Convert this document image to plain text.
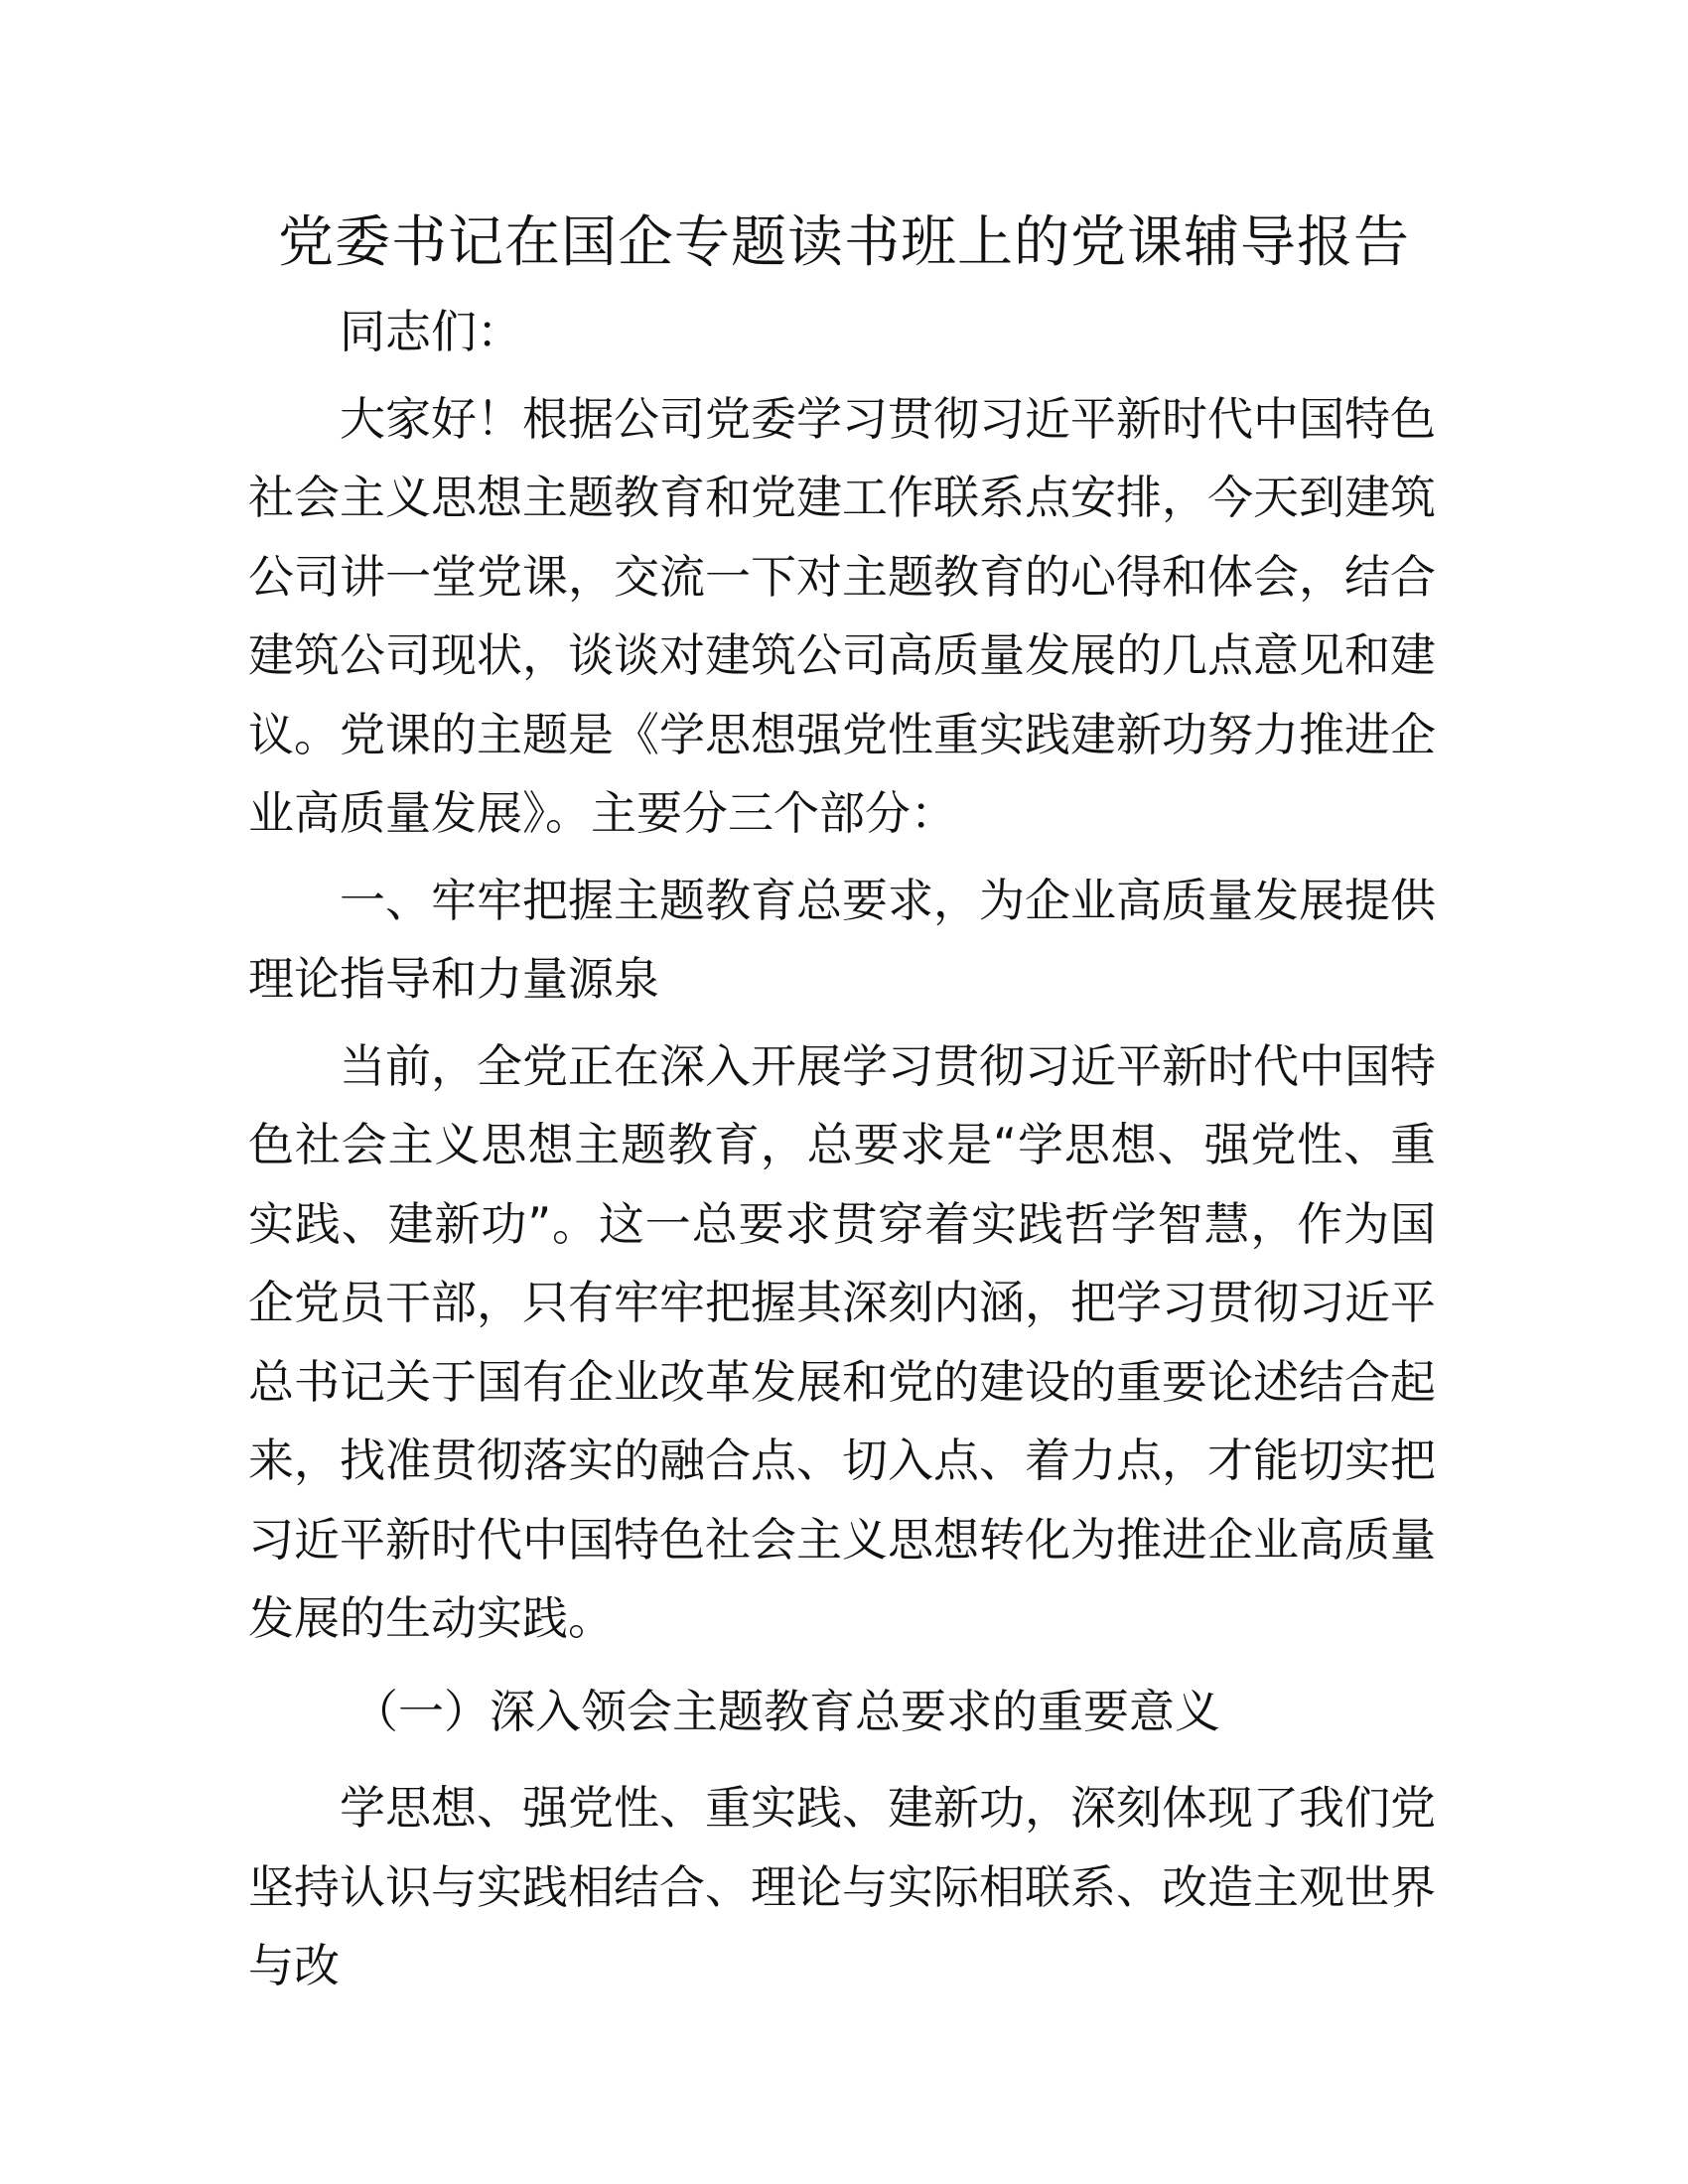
党委书记在国企专题读书班上的党课辅导报告

同志们：

大家好！根据公司党委学习贯彻习近平新时代中国特色社会主义思想主题教育和党建工作联系点安排，今天到建筑公司讲一堂党课，交流一下对主题教育的心得和体会，结合建筑公司现状，谈谈对建筑公司高质量发展的几点意见和建议。党课的主题是《学思想强党性重实践建新功努力推进企业高质量发展》。主要分三个部分：

一、牢牢把握主题教育总要求，为企业高质量发展提供理论指导和力量源泉

当前，全党正在深入开展学习贯彻习近平新时代中国特色社会主义思想主题教育，总要求是“学思想、强党性、重实践、建新功”。这一总要求贯穿着实践哲学智慧，作为国企党员干部，只有牢牢把握其深刻内涵，把学习贯彻习近平总书记关于国有企业改革发展和党的建设的重要论述结合起来，找准贯彻落实的融合点、切入点、着力点，才能切实把习近平新时代中国特色社会主义思想转化为推进企业高质量发展的生动实践。

（一）深入领会主题教育总要求的重要意义

学思想、强党性、重实践、建新功，深刻体现了我们党坚持认识与实践相结合、理论与实际相联系、改造主观世界与改
